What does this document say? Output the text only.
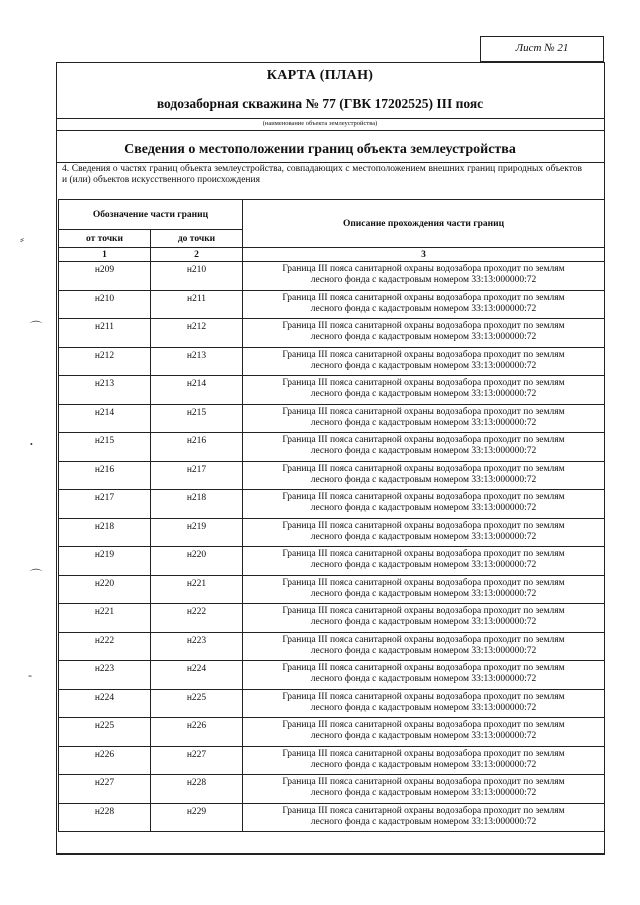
Лист № 21
КАРТА (ПЛАН)
водозаборная скважина № 77 (ГВК 17202525) III пояс
(наименование объекта землеустройства)
Сведения о местоположении границ объекта землеустройства
4. Сведения о частях границ объекта землеустройства, совпадающих с местоположением внешних границ природных объектов и (или) объектов искусственного происхождения
Обозначение части границ		Описание прохождения части границ
от точки	до точки	
1	2	3
н209	н210	Граница III пояса санитарной охраны водозабора проходит по землям
лесного фонда с кадастровым номером 33:13:000000:72

н210	н211	Граница III пояса санитарной охраны водозабора проходит по землям
лесного фонда с кадастровым номером 33:13:000000:72

н211	н212	Граница III пояса санитарной охраны водозабора проходит по землям
лесного фонда с кадастровым номером 33:13:000000:72

н212	н213	Граница III пояса санитарной охраны водозабора проходит по землям
лесного фонда с кадастровым номером 33:13:000000:72

н213	н214	Граница III пояса санитарной охраны водозабора проходит по землям
лесного фонда с кадастровым номером 33:13:000000:72

н214	н215	Граница III пояса санитарной охраны водозабора проходит по землям
лесного фонда с кадастровым номером 33:13:000000:72

н215	н216	Граница III пояса санитарной охраны водозабора проходит по землям
лесного фонда с кадастровым номером 33:13:000000:72

н216	н217	Граница III пояса санитарной охраны водозабора проходит по землям
лесного фонда с кадастровым номером 33:13:000000:72

н217	н218	Граница III пояса санитарной охраны водозабора проходит по землям
лесного фонда с кадастровым номером 33:13:000000:72

н218	н219	Граница III пояса санитарной охраны водозабора проходит по землям
лесного фонда с кадастровым номером 33:13:000000:72

н219	н220	Граница III пояса санитарной охраны водозабора проходит по землям
лесного фонда с кадастровым номером 33:13:000000:72

н220	н221	Граница III пояса санитарной охраны водозабора проходит по землям
лесного фонда с кадастровым номером 33:13:000000:72

н221	н222	Граница III пояса санитарной охраны водозабора проходит по землям
лесного фонда с кадастровым номером 33:13:000000:72

н222	н223	Граница III пояса санитарной охраны водозабора проходит по землям
лесного фонда с кадастровым номером 33:13:000000:72

н223	н224	Граница III пояса санитарной охраны водозабора проходит по землям
лесного фонда с кадастровым номером 33:13:000000:72

н224	н225	Граница III пояса санитарной охраны водозабора проходит по землям
лесного фонда с кадастровым номером 33:13:000000:72

н225	н226	Граница III пояса санитарной охраны водозабора проходит по землям
лесного фонда с кадастровым номером 33:13:000000:72

н226	н227	Граница III пояса санитарной охраны водозабора проходит по землям
лесного фонда с кадастровым номером 33:13:000000:72

н227	н228	Граница III пояса санитарной охраны водозабора проходит по землям
лесного фонда с кадастровым номером 33:13:000000:72

н228	н229	Граница III пояса санитарной охраны водозабора проходит по землям
лесного фонда с кадастровым номером 33:13:000000:72
⸗
⌒
•
⌒
‐
